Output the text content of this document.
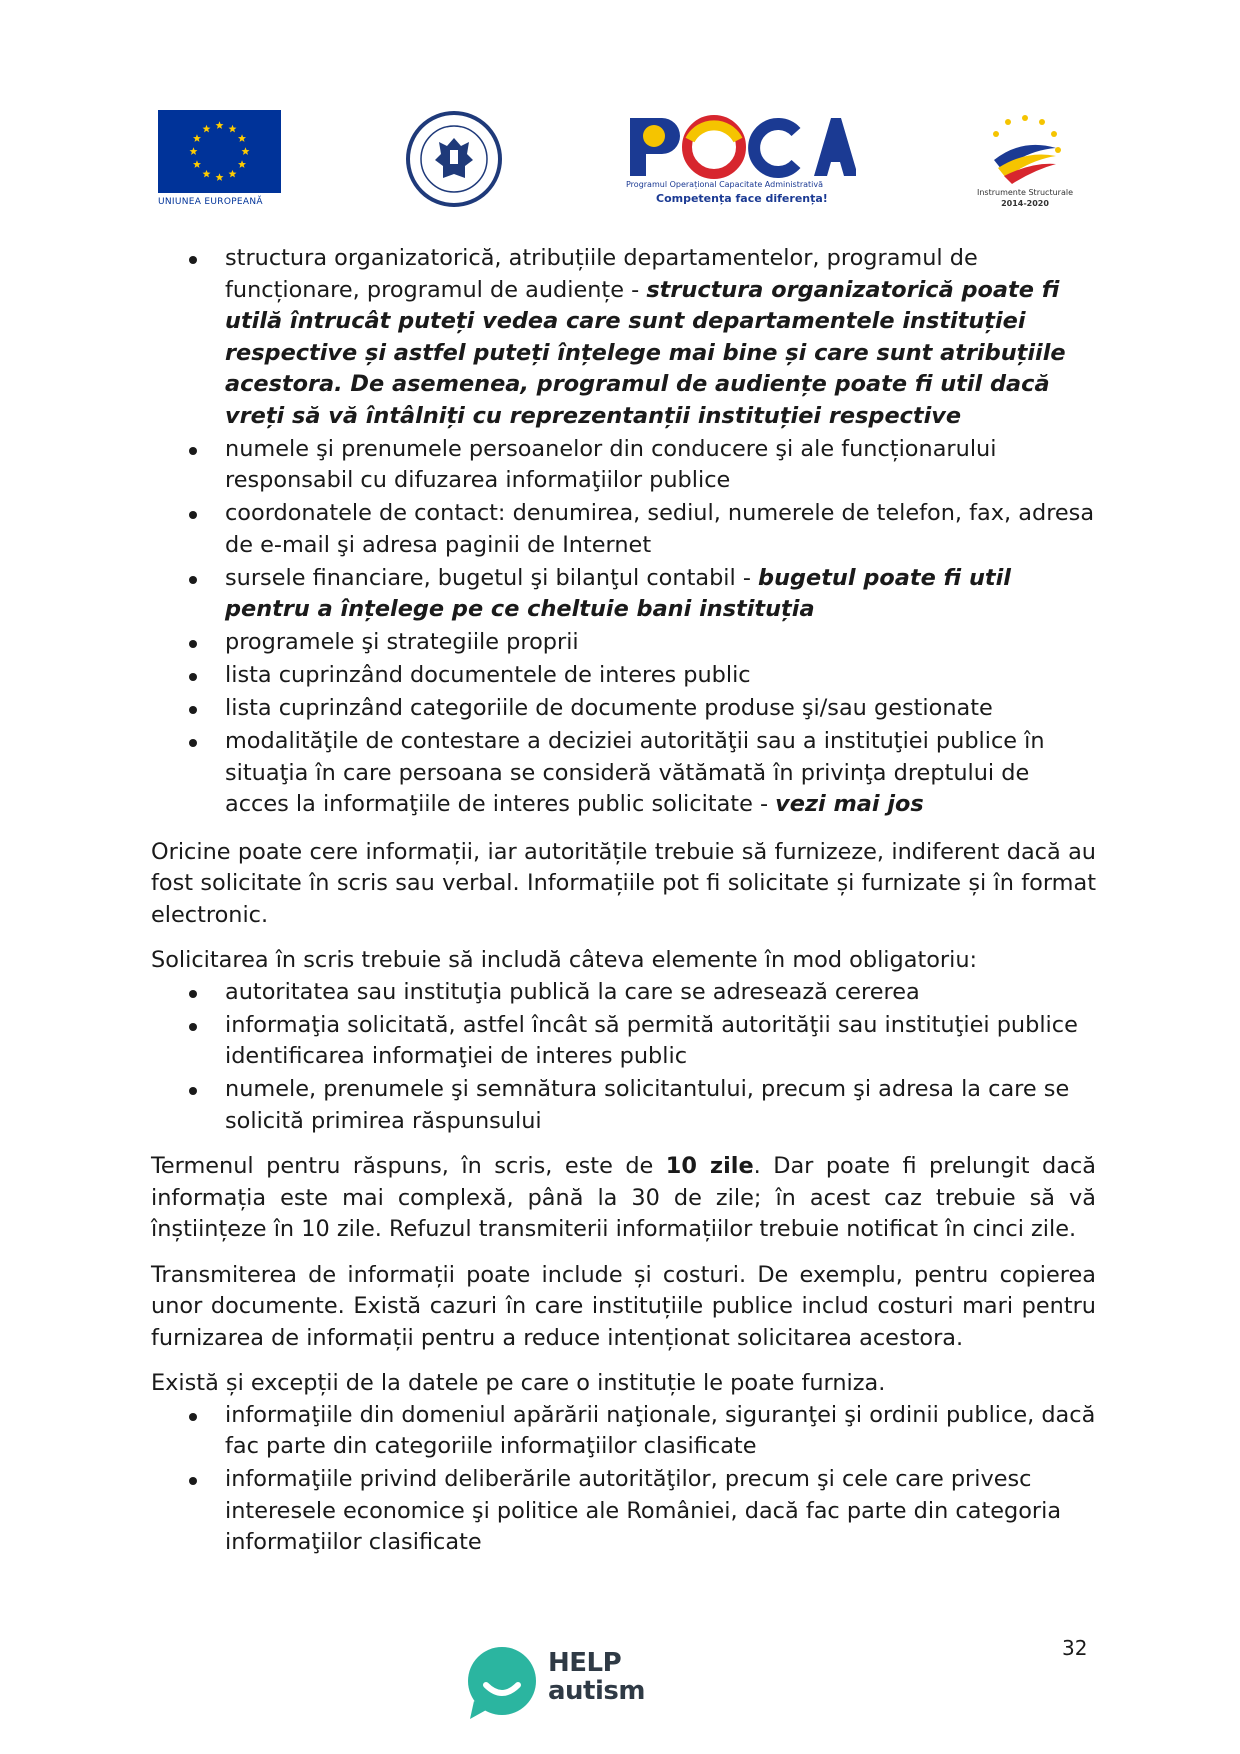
UNIUNEA EUROPEANĂ
Programul Operațional Capacitate Administrativă
Competența face diferența!	Instrumente Structurale
2014-2020
structura organizatorică, atribuțiile departamentelor, programul de funcționare, programul de audiențe - structura organizatorică poate fi utilă întrucât puteți vedea care sunt departamentele instituției respective și astfel puteți înțelege mai bine și care sunt atribuțiile acestora. De asemenea, programul de audiențe poate fi util dacă vreți să vă întâlniți cu reprezentanții instituției respective
numele şi prenumele persoanelor din conducere şi ale funcționarului responsabil cu difuzarea informaţiilor publice
coordonatele de contact: denumirea, sediul, numerele de telefon, fax, adresa de e-mail şi adresa paginii de Internet
sursele financiare, bugetul şi bilanţul contabil - bugetul poate fi util pentru a înțelege pe ce cheltuie bani instituția
programele şi strategiile proprii
lista cuprinzând documentele de interes public
lista cuprinzând categoriile de documente produse şi/sau gestionate
modalităţile de contestare a deciziei autorităţii sau a instituţiei publice în situaţia în care persoana se consideră vătămată în privinţa dreptului de acces la informaţiile de interes public solicitate - vezi mai jos

Oricine poate cere informații, iar autoritățile trebuie să furnizeze, indiferent dacă au fost solicitate în scris sau verbal. Informațiile pot fi solicitate și furnizate și în format electronic.

Solicitarea în scris trebuie să includă câteva elemente în mod obligatoriu:

autoritatea sau instituţia publică la care se adresează cererea
informaţia solicitată, astfel încât să permită autorităţii sau instituţiei publice identificarea informaţiei de interes public
numele, prenumele şi semnătura solicitantului, precum şi adresa la care se solicită primirea răspunsului

Termenul pentru răspuns, în scris, este de 10 zile. Dar poate fi prelungit dacă informația este mai complexă, până la 30 de zile; în acest caz trebuie să vă înștiințeze în 10 zile. Refuzul transmiterii informațiilor trebuie notificat în cinci zile.

Transmiterea de informații poate include și costuri. De exemplu, pentru copierea unor documente. Există cazuri în care instituțiile publice includ costuri mari pentru furnizarea de informații pentru a reduce intenționat solicitarea acestora.

Există și excepții de la datele pe care o instituție le poate furniza.

informaţiile din domeniul apărării naţionale, siguranţei şi ordinii publice, dacă fac parte din categoriile informaţiilor clasificate
informaţiile privind deliberările autorităţilor, precum şi cele care privesc interesele economice şi politice ale României, dacă fac parte din categoria informaţiilor clasificate
32
HELP
autism
